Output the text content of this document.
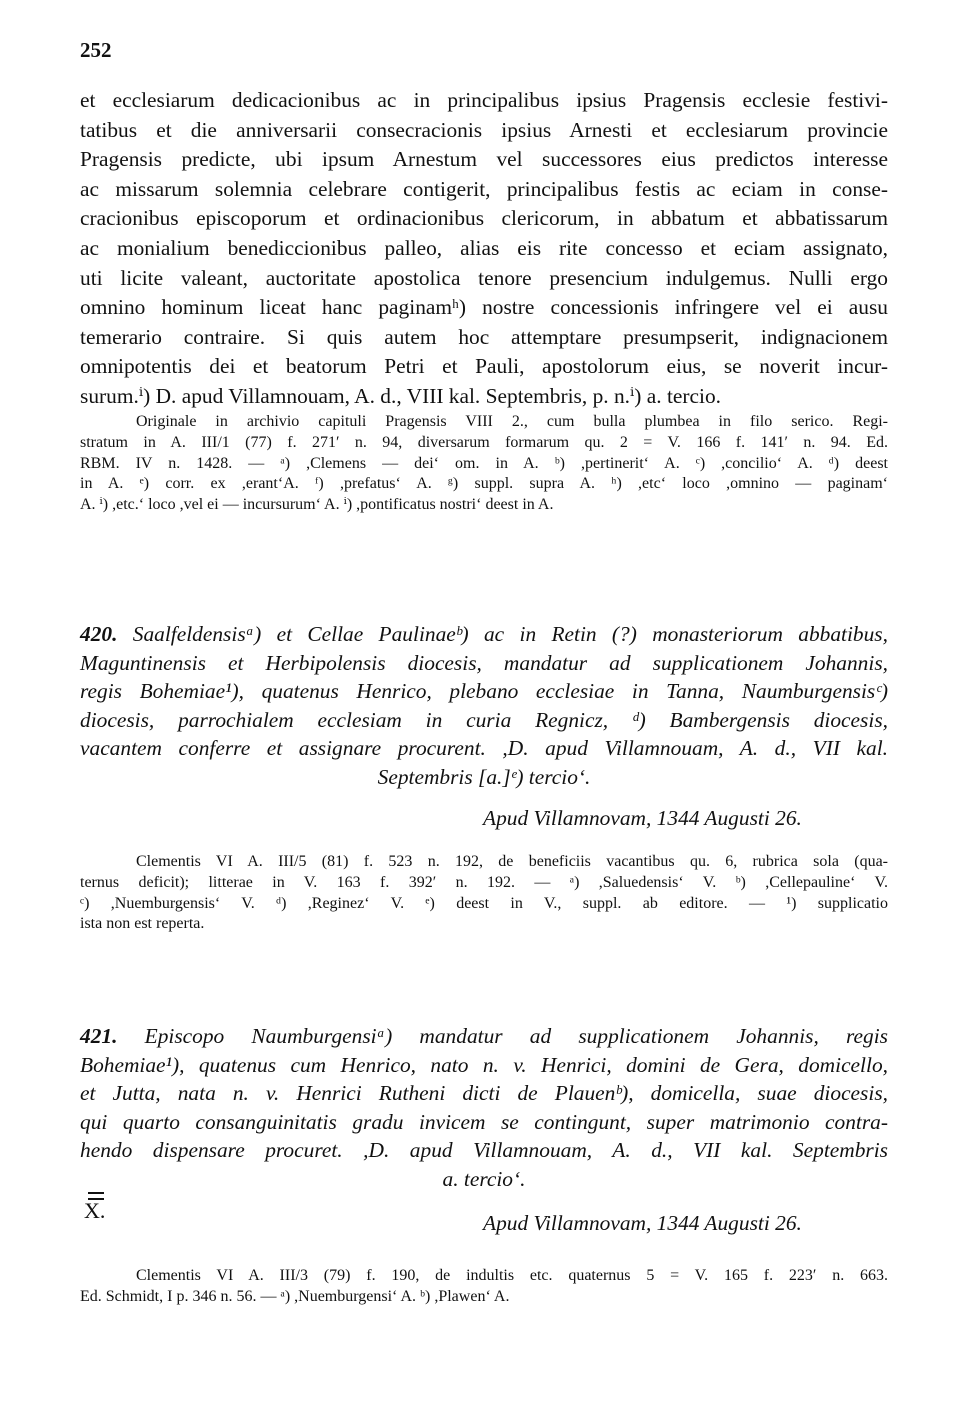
252
et ecclesiarum dedicacionibus ac in principalibus ipsius Pragensis ecclesie festivi-
tatibus et die anniversarii consecracionis ipsius Arnesti et ecclesiarum provincie
Pragensis predicte, ubi ipsum Arnestum vel successores eius predictos interesse
ac missarum solemnia celebrare contigerit, principalibus festis ac eciam in conse-
cracionibus episcoporum et ordinacionibus clericorum, in abbatum et abbatissarum
ac monialium benediccionibus palleo, alias eis rite concesso et eciam assignato,
uti licite valeant, auctoritate apostolica tenore presencium indulgemus. Nulli ergo
omnino hominum liceat hanc paginamʰ) nostre concessionis infringere vel ei ausu
temerario contraire. Si quis autem hoc attemptare presumpserit, indignacionem
omnipotentis dei et beatorum Petri et Pauli, apostolorum eius, se noverit incur-
surum.ⁱ) D. apud Villamnouam, A. d., VIII kal. Septembris, p. n.ⁱ) a. tercio.
Originale in archivio capituli Pragensis VIII 2., cum bulla plumbea in filo serico. Regi-
stratum in A. III/1 (77) f. 271′ n. 94, diversarum formarum qu. 2 = V. 166 f. 141′ n. 94. Ed.
RBM. IV n. 1428. — ᵃ) ,Clemens — dei‘ om. in A. ᵇ) ,pertinerit‘ A. ᶜ) ,concilio‘ A. ᵈ) deest
in A. ᵉ) corr. ex ,erant‘A. ᶠ) ,prefatus‘ A. ᵍ) suppl. supra A. ʰ) ,etc‘ loco ,omnino — paginam‘
A. ⁱ) ,etc.‘ loco ,vel ei — incursurum‘ A. ⁱ) ,pontificatus nostri‘ deest in A.
420. Saalfeldensisᵃ) et Cellae Paulinaeᵇ) ac in Retin (?) monasteriorum abbatibus,
Maguntinensis et Herbipolensis diocesis, mandatur ad supplicationem Johannis,
regis Bohemiae¹), quatenus Henrico, plebano ecclesiae in Tanna, Naumburgensisᶜ)
diocesis, parrochialem ecclesiam in curia Regnicz, ᵈ) Bambergensis diocesis,
vacantem conferre et assignare procurent. ,D. apud Villamnouam, A. d., VII kal.
Septembris [a.]ᵉ) tercio‘.
Apud Villamnovam, 1344 Augusti 26.
Clementis VI A. III/5 (81) f. 523 n. 192, de beneficiis vacantibus qu. 6, rubrica sola (qua-
ternus deficit); litterae in V. 163 f. 392′ n. 192. — ᵃ) ,Saluedensis‘ V. ᵇ) ,Cellepauline‘ V.
ᶜ) ,Nuemburgensis‘ V. ᵈ) ,Reginez‘ V. ᵉ) deest in V., suppl. ab editore. — ¹) supplicatio
ista non est reperta.
421. Episcopo Naumburgensiᵃ) mandatur ad supplicationem Johannis, regis
Bohemiae¹), quatenus cum Henrico, nato n. v. Henrici, domini de Gera, domicello,
et Jutta, nata n. v. Henrici Rutheni dicti de Plauenᵇ), domicella, suae diocesis,
qui quarto consanguinitatis gradu invicem se contingunt, super matrimonio contra-
hendo dispensare procuret. ,D. apud Villamnouam, A. d., VII kal. Septembris
a. tercio‘.
X.	Apud Villamnovam, 1344 Augusti 26.
Clementis VI A. III/3 (79) f. 190, de indultis etc. quaternus 5 = V. 165 f. 223′ n. 663.
Ed. Schmidt, I p. 346 n. 56. — ᵃ) ,Nuemburgensi‘ A. ᵇ) ,Plawen‘ A.
